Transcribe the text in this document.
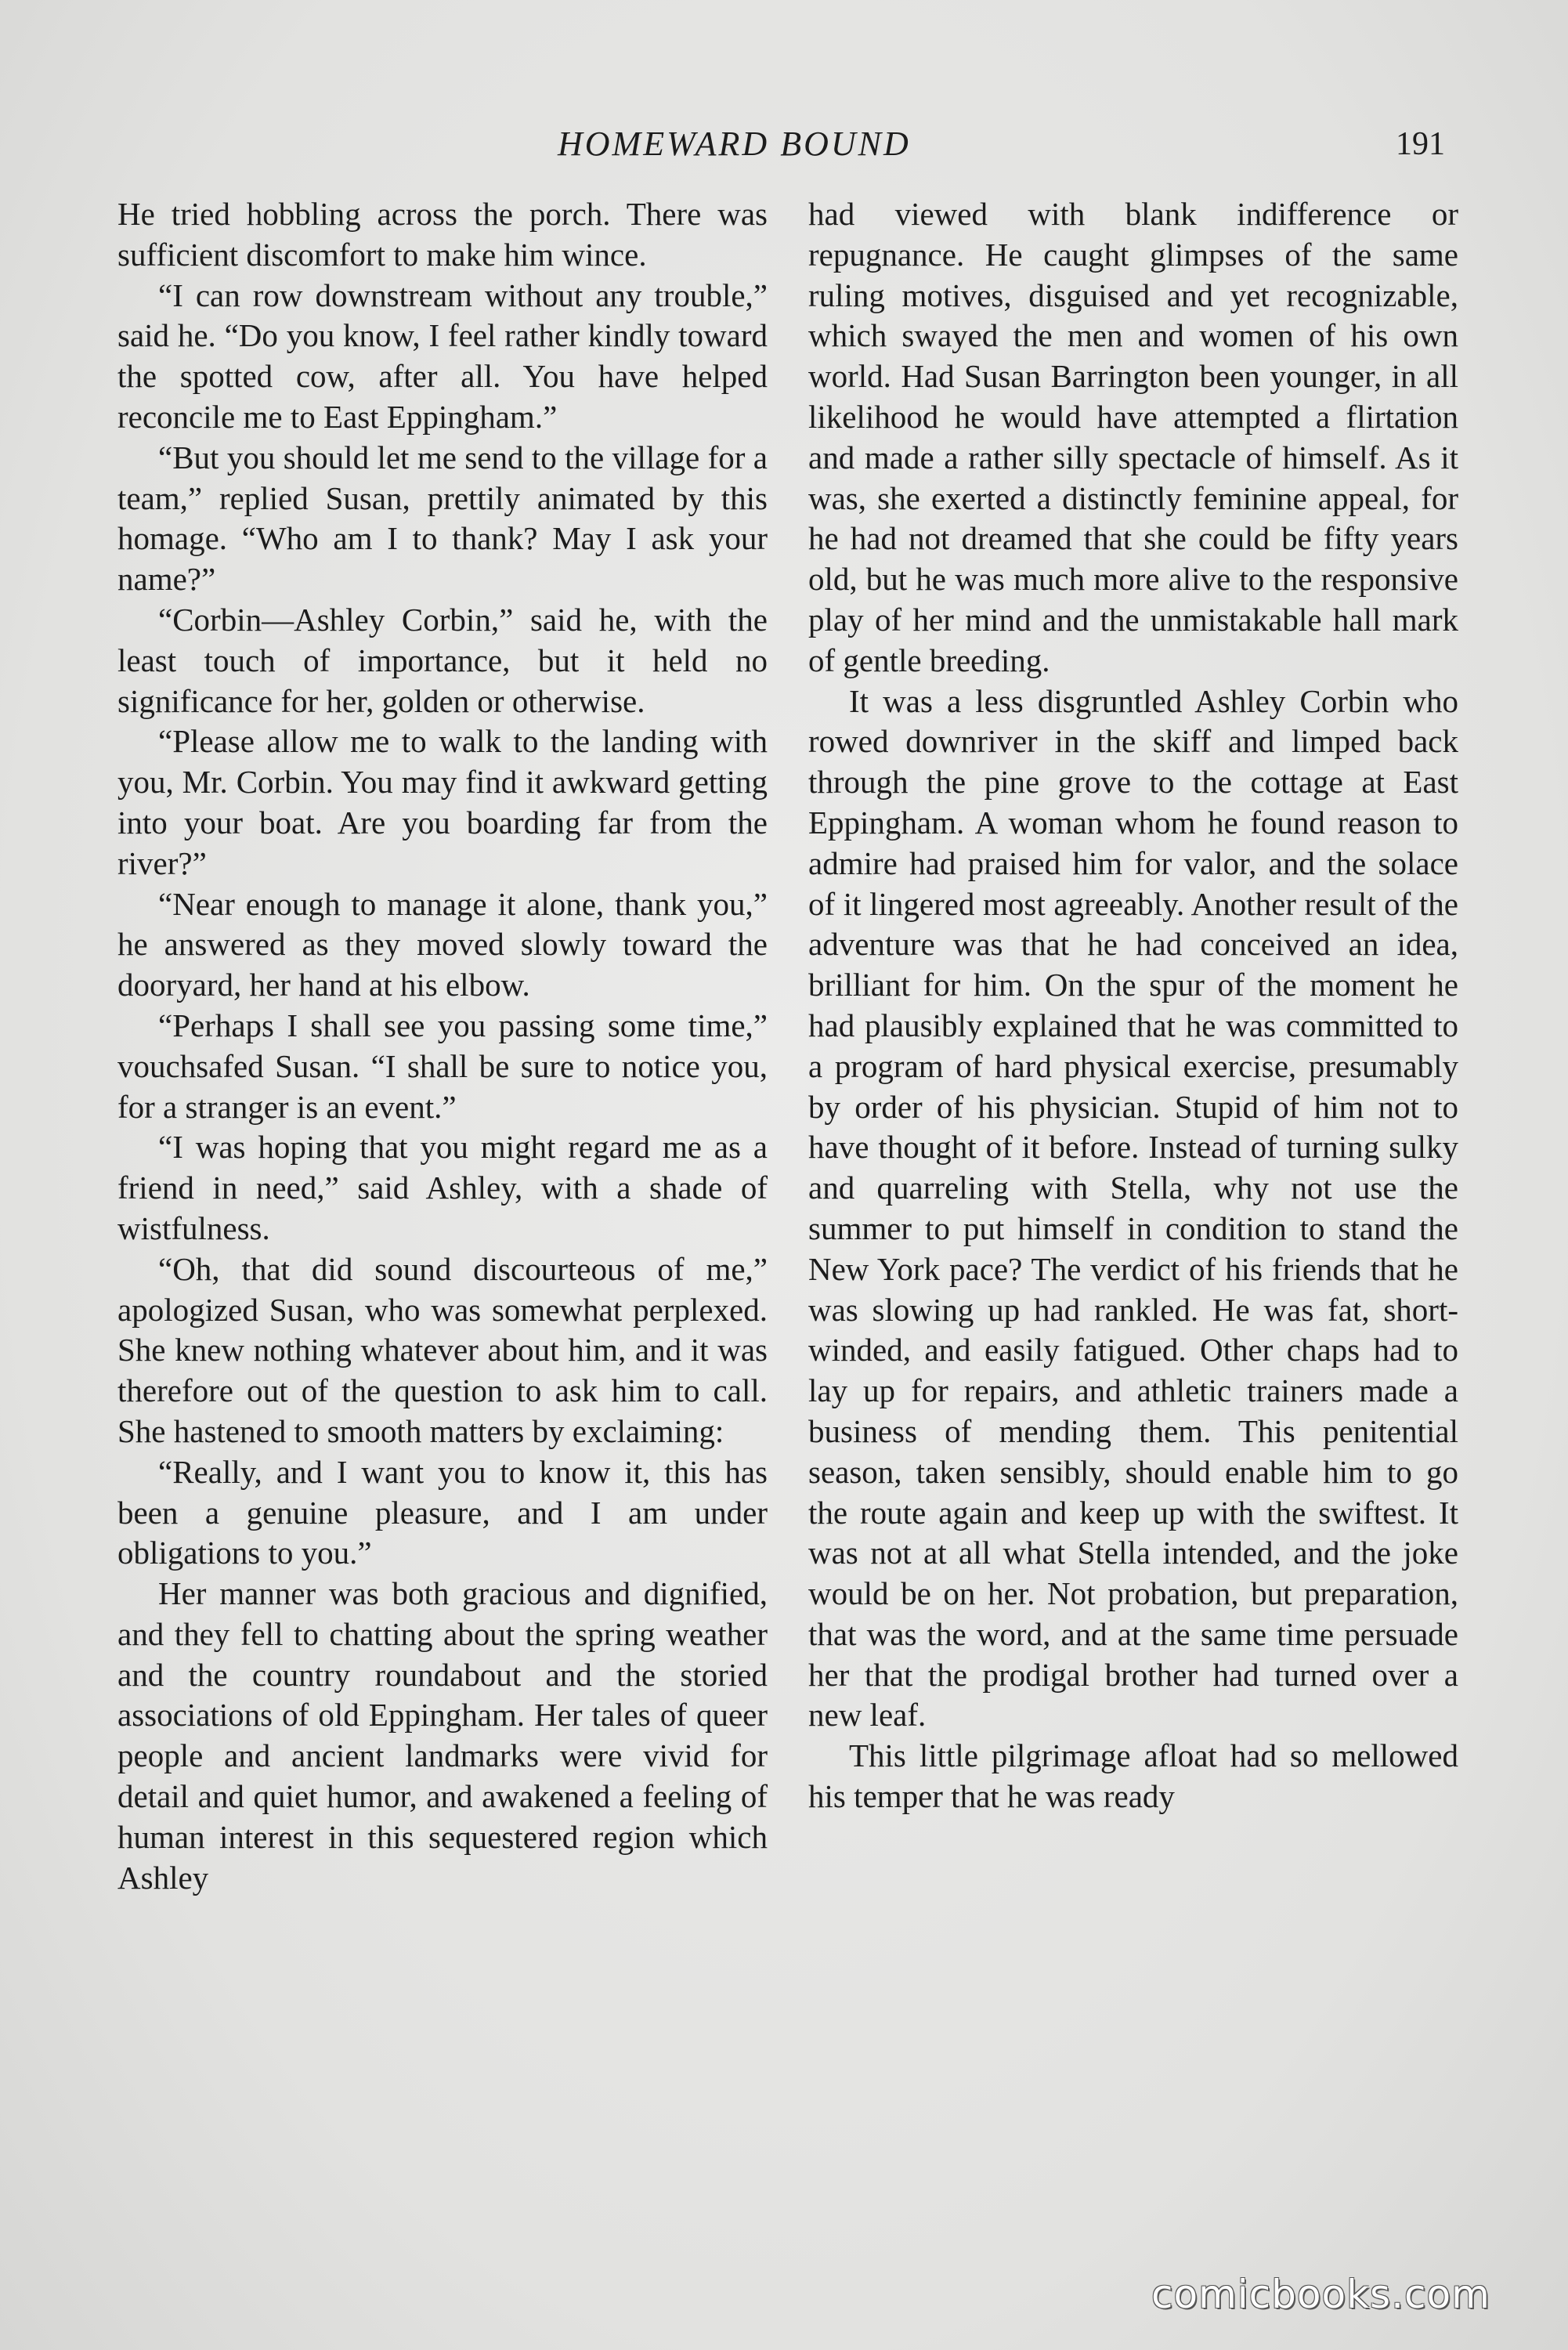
HOMEWARD BOUND	191

He tried hobbling across the porch. There was sufficient discomfort to make him wince.

“I can row downstream without any trouble,” said he. “Do you know, I feel rather kindly toward the spotted cow, after all. You have helped reconcile me to East Eppingham.”

“But you should let me send to the village for a team,” replied Susan, prettily animated by this homage. “Who am I to thank? May I ask your name?”

“Corbin—Ashley Corbin,” said he, with the least touch of importance, but it held no significance for her, golden or otherwise.

“Please allow me to walk to the landing with you, Mr. Corbin. You may find it awkward getting into your boat. Are you boarding far from the river?”

“Near enough to manage it alone, thank you,” he answered as they moved slowly toward the dooryard, her hand at his elbow.

“Perhaps I shall see you passing some time,” vouchsafed Susan. “I shall be sure to notice you, for a stranger is an event.”

“I was hoping that you might regard me as a friend in need,” said Ashley, with a shade of wistfulness.

“Oh, that did sound discourteous of me,” apologized Susan, who was somewhat perplexed. She knew nothing whatever about him, and it was therefore out of the question to ask him to call. She hastened to smooth matters by exclaiming:

“Really, and I want you to know it, this has been a genuine pleasure, and I am under obligations to you.”

Her manner was both gracious and dignified, and they fell to chatting about the spring weather and the country roundabout and the storied associations of old Eppingham. Her tales of queer people and ancient landmarks were vivid for detail and quiet humor, and awakened a feeling of human interest in this sequestered region which Ashley

had viewed with blank indifference or repugnance. He caught glimpses of the same ruling motives, disguised and yet recognizable, which swayed the men and women of his own world. Had Susan Barrington been younger, in all likelihood he would have attempted a flirtation and made a rather silly spectacle of himself. As it was, she exerted a distinctly feminine appeal, for he had not dreamed that she could be fifty years old, but he was much more alive to the responsive play of her mind and the unmistakable hall mark of gentle breeding.

It was a less disgruntled Ashley Corbin who rowed downriver in the skiff and limped back through the pine grove to the cottage at East Eppingham. A woman whom he found reason to admire had praised him for valor, and the solace of it lingered most agreeably. Another result of the adventure was that he had conceived an idea, brilliant for him. On the spur of the moment he had plausibly explained that he was committed to a program of hard physical exercise, presumably by order of his physician. Stupid of him not to have thought of it before. Instead of turning sulky and quarreling with Stella, why not use the summer to put himself in condition to stand the New York pace? The verdict of his friends that he was slowing up had rankled. He was fat, short-winded, and easily fatigued. Other chaps had to lay up for repairs, and athletic trainers made a business of mending them. This penitential season, taken sensibly, should enable him to go the route again and keep up with the swiftest. It was not at all what Stella intended, and the joke would be on her. Not probation, but preparation, that was the word, and at the same time persuade her that the prodigal brother had turned over a new leaf.

This little pilgrimage afloat had so mellowed his temper that he was ready

comicbooks.com
